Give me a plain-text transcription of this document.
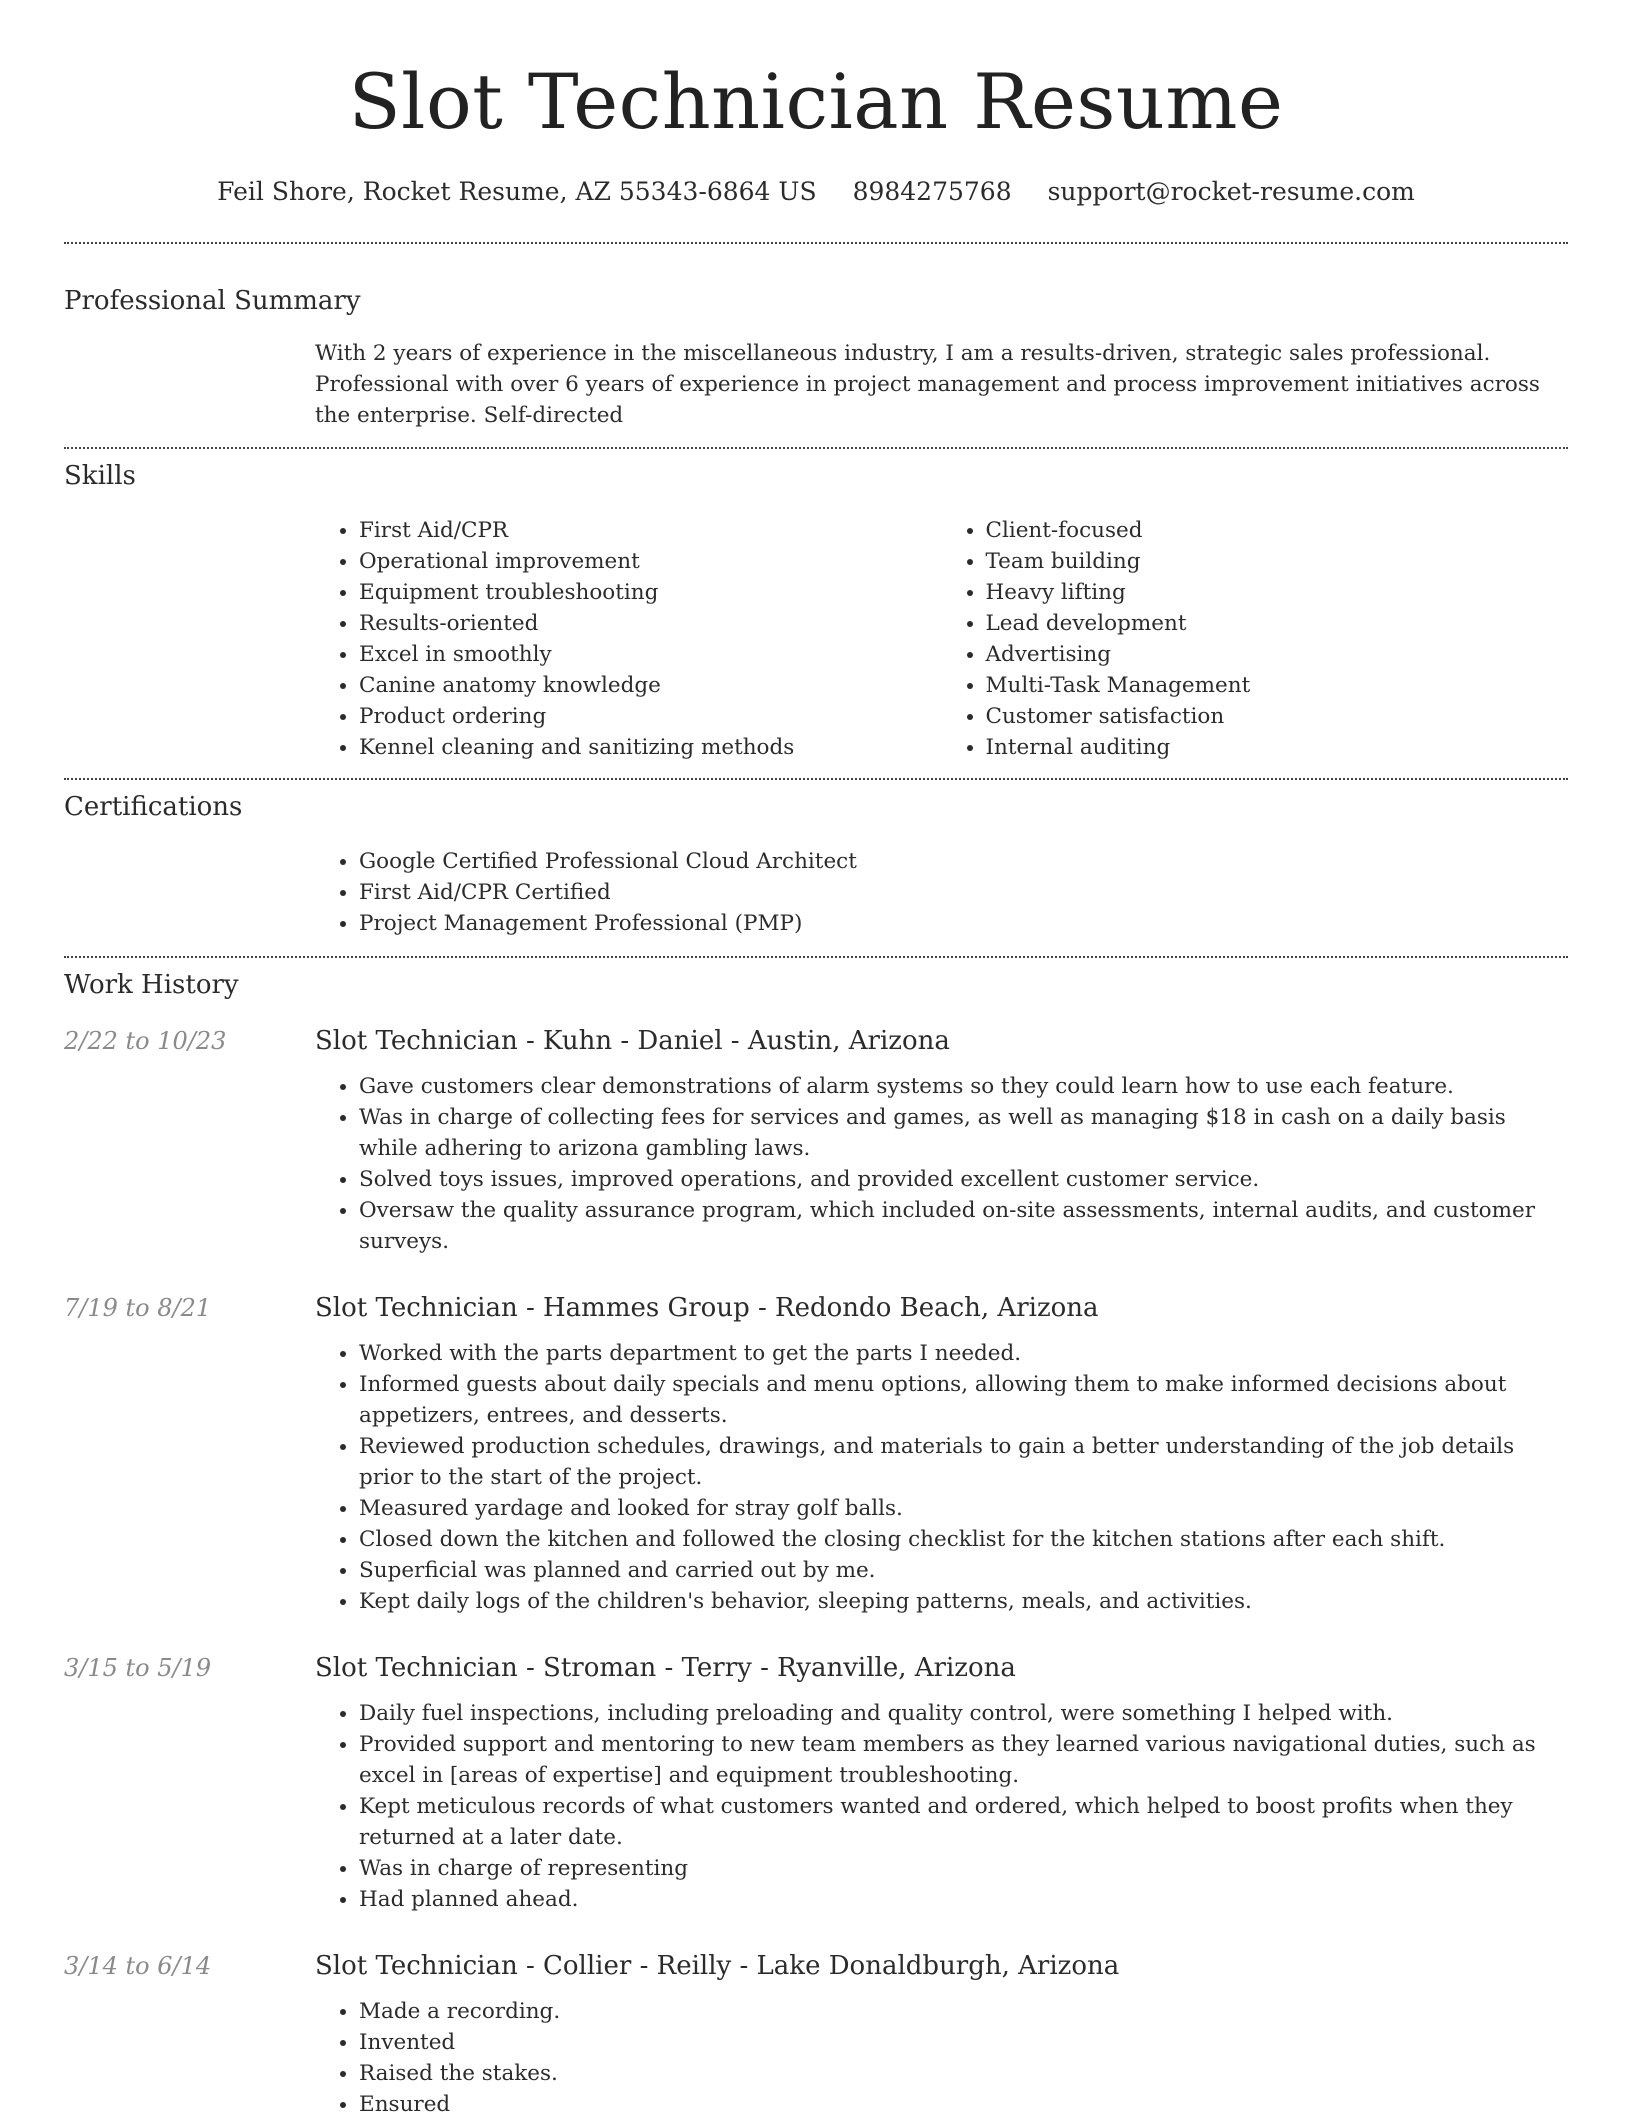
Slot Technician Resume
Feil Shore, Rocket Resume, AZ 55343-6864 US 8984275768 support@rocket-resume.com
Professional Summary
With 2 years of experience in the miscellaneous industry, I am a results-driven, strategic sales professional. Professional with over 6 years of experience in project management and process improvement initiatives across the enterprise. Self-directed
Skills
• First Aid/CPR
• Operational improvement
• Equipment troubleshooting
• Results-oriented
• Excel in smoothly
• Canine anatomy knowledge
• Product ordering
• Kennel cleaning and sanitizing methods
• Client-focused
• Team building
• Heavy lifting
• Lead development
• Advertising
• Multi-Task Management
• Customer satisfaction
• Internal auditing
Certifications
• Google Certified Professional Cloud Architect
• First Aid/CPR Certified
• Project Management Professional (PMP)
Work History
2/22 to 10/23	Slot Technician - Kuhn - Daniel - Austin, Arizona
• Gave customers clear demonstrations of alarm systems so they could learn how to use each feature.
• Was in charge of collecting fees for services and games, as well as managing $18 in cash on a daily basis while adhering to arizona gambling laws.
• Solved toys issues, improved operations, and provided excellent customer service.
• Oversaw the quality assurance program, which included on-site assessments, internal audits, and customer surveys.
7/19 to 8/21	Slot Technician - Hammes Group - Redondo Beach, Arizona
• Worked with the parts department to get the parts I needed.
• Informed guests about daily specials and menu options, allowing them to make informed decisions about appetizers, entrees, and desserts.
• Reviewed production schedules, drawings, and materials to gain a better understanding of the job details prior to the start of the project.
• Measured yardage and looked for stray golf balls.
• Closed down the kitchen and followed the closing checklist for the kitchen stations after each shift.
• Superficial was planned and carried out by me.
• Kept daily logs of the children's behavior, sleeping patterns, meals, and activities.
3/15 to 5/19	Slot Technician - Stroman - Terry - Ryanville, Arizona
• Daily fuel inspections, including preloading and quality control, were something I helped with.
• Provided support and mentoring to new team members as they learned various navigational duties, such as excel in [areas of expertise] and equipment troubleshooting.
• Kept meticulous records of what customers wanted and ordered, which helped to boost profits when they returned at a later date.
• Was in charge of representing
• Had planned ahead.
3/14 to 6/14	Slot Technician - Collier - Reilly - Lake Donaldburgh, Arizona
• Made a recording.
• Invented
• Raised the stakes.
• Ensured
